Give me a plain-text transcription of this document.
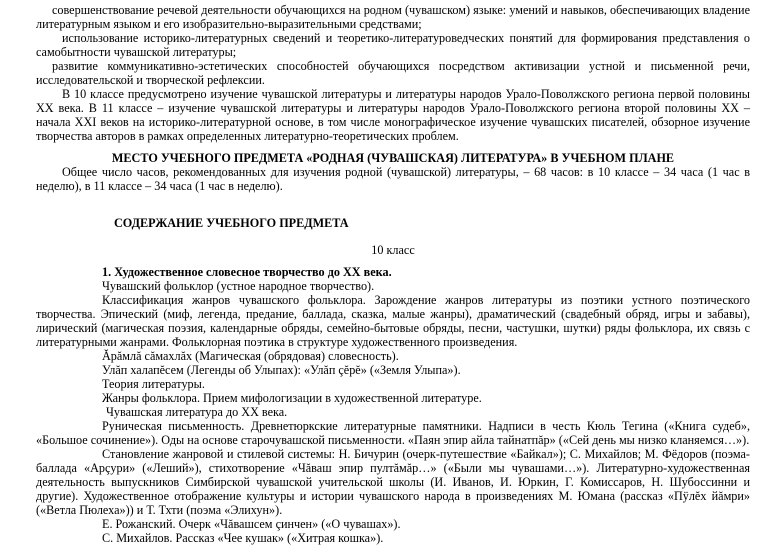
совершенствование речевой деятельности обучающихся на родном (чувашском) языке: умений и навыков, обеспечивающих владение литературным языком и его изобразительно-выразительными средствами;

использование историко-литературных сведений и теоретико-литературоведческих понятий для формирования представления о самобытности чувашской литературы;

развитие коммуникативно-эстетических способностей обучающихся посредством активизации устной и письменной речи, исследовательской и творческой рефлексии.

В 10 классе предусмотрено изучение чувашской литературы и литературы народов Урало-Поволжского региона первой половины XX века. В 11 классе – изучение чувашской литературы и литературы народов Урало-Поволжского региона второй половины XX – начала XXI веков на историко-литературной основе, в том числе монографическое изучение чувашских писателей, обзорное изучение творчества авторов в рамках определенных литературно-теоретических проблем.

МЕСТО УЧЕБНОГО ПРЕДМЕТА «РОДНАЯ (ЧУВАШСКАЯ) ЛИТЕРАТУРА» В УЧЕБНОМ ПЛАНЕ

Общее число часов, рекомендованных для изучения родной (чувашской) литературы, – 68 часов: в 10 классе – 34 часа (1 час в неделю), в 11 классе – 34 часа (1 час в неделю).

СОДЕРЖАНИЕ УЧЕБНОГО ПРЕДМЕТА

10 класс

1. Художественное словесное творчество до XX века.

Чувашский фольклор (устное народное творчество).

Классификация жанров чувашского фольклора. Зарождение жанров литературы из поэтики устного поэтического творчества. Эпический (миф, легенда, предание, баллада, сказка, малые жанры), драматический (свадебный обряд, игры и забавы), лирический (магическая поэзия, календарные обряды, семейно-бытовые обряды, песни, частушки, шутки) ряды фольклора, их связь с литературными жанрами. Фольклорная поэтика в структуре художественного произведения.

Ăрăмлă сăмахлăх (Магическая (обрядовая) словесность).

Улăп халапĕсем (Легенды об Улыпах): «Улăп çĕрĕ» («Земля Улыпа»).

Теория литературы.

Жанры фольклора. Прием мифологизации в художественной литературе.

Чувашская литература до XX века.

Руническая письменность. Древнетюркские литературные памятники. Надписи в честь Кюль Тегина («Книга судеб», «Большое сочинение»). Оды на основе старочувашской письменности. «Паян эпир айла тайнатпăр» («Сей день мы низко кланяемся…»).

Становление жанровой и стилевой системы: Н. Бичурин (очерк-путешествие «Байкал»); С. Михайлов; М. Фёдоров (поэма-баллада «Арçури» («Леший»), стихотворение «Чăваш эпир пултăмăр…» («Были мы чувашами…»). Литературно-художественная деятельность выпускников Симбирской чувашской учительской школы (И. Иванов, И. Юркин, Г. Комиссаров, Н. Шубоссинни и другие). Художественное отображение культуры и истории чувашского народа в произведениях М. Юмана (рассказ «Пÿлĕх йăмри» («Ветла Пюлеха»)) и Т. Тхти (поэма «Элихун»).

Е. Рожанский. Очерк «Чăвашсем çинчен» («О чувашах»).

С. Михайлов. Рассказ «Чее кушак» («Хитрая кошка»).
